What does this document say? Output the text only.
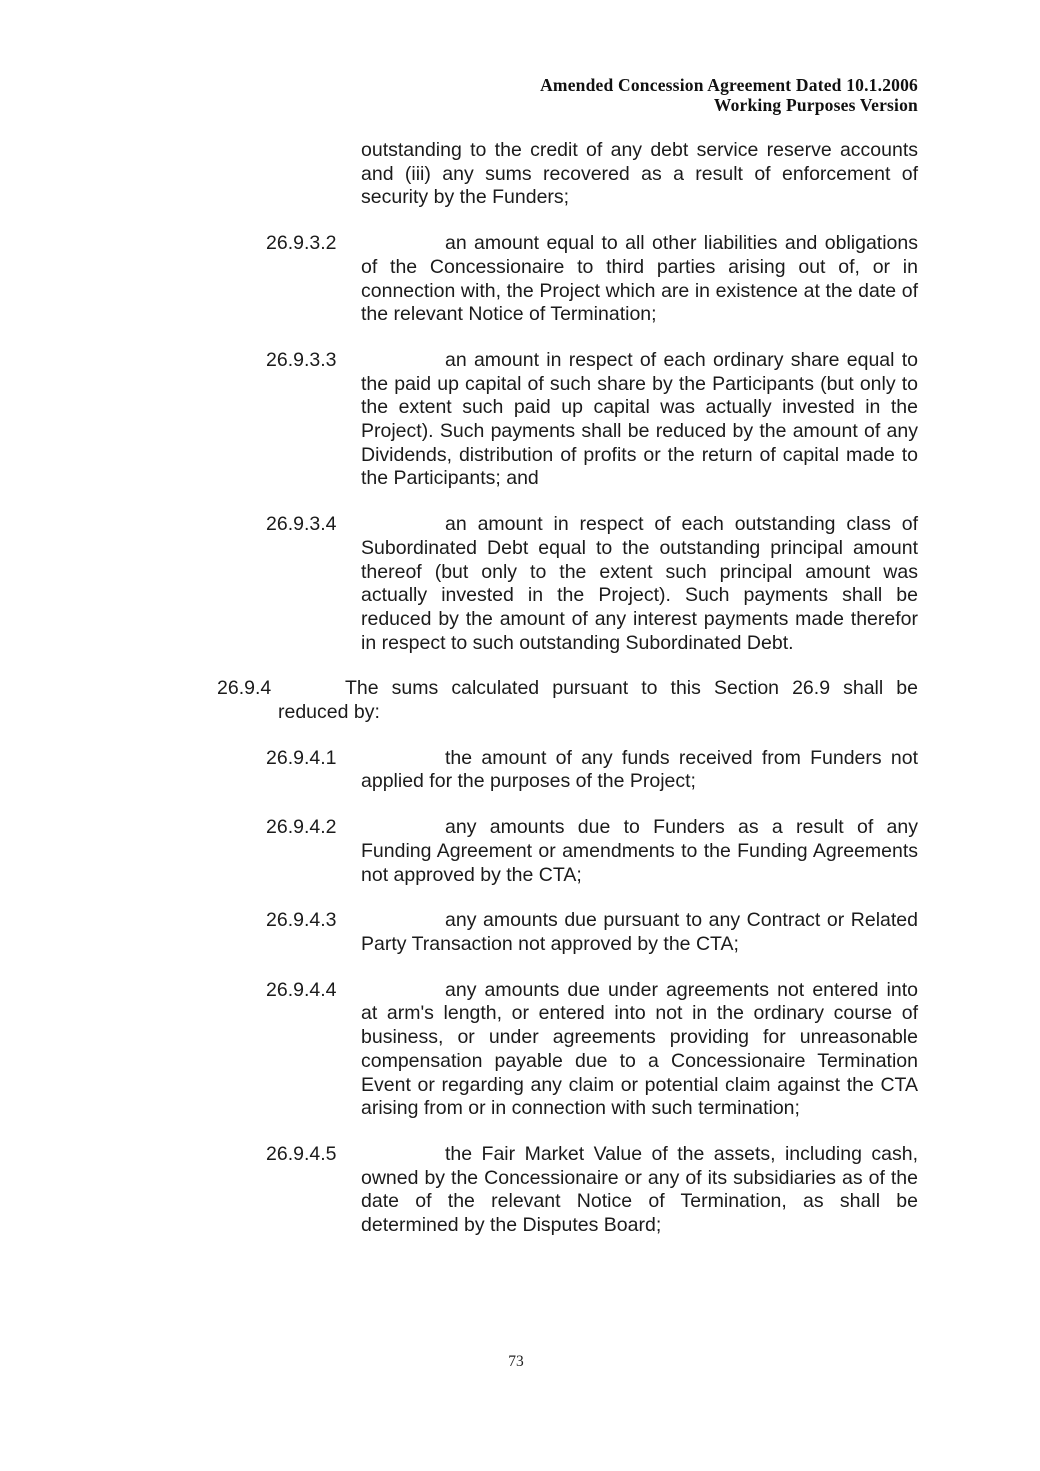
Amended Concession Agreement Dated 10.1.2006
Working Purposes Version

outstanding to the credit of any debt service reserve accounts and (iii) any sums recovered as a result of enforcement of security by the Funders;

26.9.3.2	an amount equal to all other liabilities and obligations of the Concessionaire to third parties arising out of, or in connection with, the Project which are in existence at the date of the relevant Notice of Termination;

26.9.3.3	an amount in respect of each ordinary share equal to the paid up capital of such share by the Participants (but only to the extent such paid up capital was actually invested in the Project). Such payments shall be reduced by the amount of any Dividends, distribution of profits or the return of capital made to the Participants; and

26.9.3.4	an amount in respect of each outstanding class of Subordinated Debt equal to the outstanding principal amount thereof (but only to the extent such principal amount was actually invested in the Project). Such payments shall be reduced by the amount of any interest payments made therefor in respect to such outstanding Subordinated Debt.

26.9.4	The sums calculated pursuant to this Section 26.9 shall be reduced by:

26.9.4.1	the amount of any funds received from Funders not applied for the purposes of the Project;

26.9.4.2	any amounts due to Funders as a result of any Funding Agreement or amendments to the Funding Agreements not approved by the CTA;

26.9.4.3	any amounts due pursuant to any Contract or Related Party Transaction not approved by the CTA;

26.9.4.4	any amounts due under agreements not entered into at arm's length, or entered into not in the ordinary course of business, or under agreements providing for unreasonable compensation payable due to a Concessionaire Termination Event or regarding any claim or potential claim against the CTA arising from or in connection with such termination;

26.9.4.5	the Fair Market Value of the assets, including cash, owned by the Concessionaire or any of its subsidiaries as of the date of the relevant Notice of Termination, as shall be determined by the Disputes Board;

73
